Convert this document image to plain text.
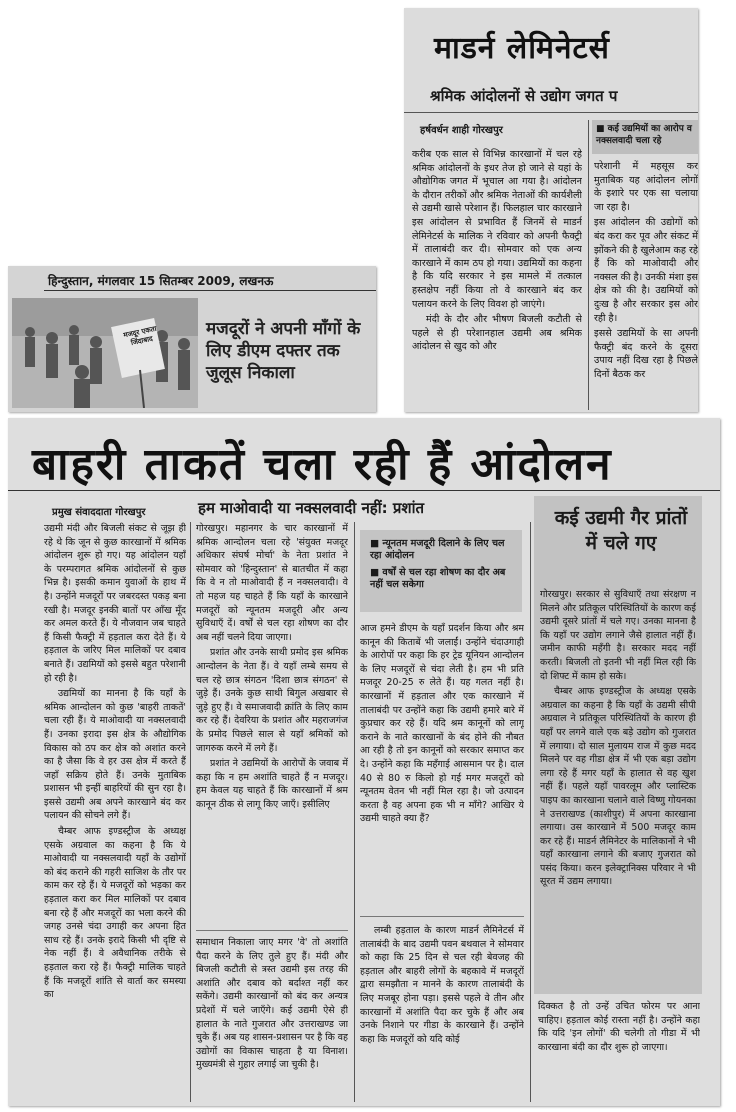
माडर्न लेमिनेटर्स
श्रमिक आंदोलनों से उद्योग जगत प
हर्षवर्धन शाही गोरखपुर

करीब एक साल से विभिन्न कारखानों में चल रहे श्रमिक आंदोलनों के इधर तेज हो जाने से यहां के औद्योगिक जगत में भूचाल आ गया है। आंदोलन के दौरान तरीकों और श्रमिक नेताओं की कार्यशैली से उद्यमी खासे परेशान हैं। फिलहाल चार कारखाने इस आंदोलन से प्रभावित हैं जिनमें से माडर्न लेमिनेटर्स के मालिक ने रविवार को अपनी फैक्ट्री में तालाबंदी कर दी। सोमवार को एक अन्य कारखाने में काम ठप हो गया। उद्यमियों का कहना है कि यदि सरकार ने इस मामले में तत्काल हस्तक्षेप नहीं किया तो वे कारखाने बंद कर पलायन करने के लिए विवश हो जाएंगे।

मंदी के दौर और भीषण बिजली कटौती से पहले से ही परेशानहाल उद्यमी अब श्रमिक आंदोलन से खुद को और

■ कई उद्यमियों का आरोप व नक्सलवादी चला रहे

परेशानी में महसूस कर मुताबिक यह आंदोलन लोगों के इशारे पर एक सा चलाया जा रहा है।

इस आंदोलन की उद्योगों को बंद करा कर पूव और संकट में झोंकने की है खुलेआम कह रहे हैं कि को माओवादी और नक्सल की है। उनकी मंशा इस क्षेत्र को की है। उद्यमियों को दुःख है और सरकार इस ओर रही है।

इससे उद्यमियों के सा अपनी फैक्ट्री बंद करने के दूसरा उपाय नहीं दिख रहा है पिछले दिनों बैठक कर

हिन्दुस्तान, मंगलवार 15 सितम्बर 2009, लखनऊ
मजदूर एकता जिंदाबाद
मजदूरों ने अपनी माँगों के लिए डीएम दफ्तर तक जुलूस निकाला
बाहरी ताकतें चला रही हैं आंदोलन
प्रमुख संवाददाता गोरखपुर	हम माओवादी या नक्सलवादी नहीं: प्रशांत

उद्यमी मंदी और बिजली संकट से जूझ ही रहे थे कि जून से कुछ कारखानों में श्रमिक आंदोलन शुरू हो गए। यह आंदोलन यहाँ के परम्परागत श्रमिक आंदोलनों से कुछ भिन्न है। इसकी कमान युवाओं के हाथ में है। उन्होंने मजदूरों पर जबरदस्त पकड़ बना रखी है। मजदूर इनकी बातों पर आँख मूँद कर अमल करते हैं। ये नौजवान जब चाहते हैं किसी फैक्ट्री में हड़ताल करा देते हैं। ये हड़ताल के जरिए मिल मालिकों पर दबाव बनाते हैं। उद्यमियों को इससे बहुत परेशानी हो रही है।

उद्यमियों का मानना है कि यहाँ के श्रमिक आन्दोलन को कुछ 'बाहरी ताकतें' चला रही हैं। ये माओवादी या नक्सलवादी हैं। उनका इरादा इस क्षेत्र के औद्योगिक विकास को ठप कर क्षेत्र को अशांत करने का है जैसा कि वे हर उस क्षेत्र में करते हैं जहाँ सक्रिय होते हैं। उनके मुताबिक प्रशासन भी इन्हीं बाहरियों की सुन रहा है। इससे उद्यमी अब अपने कारखाने बंद कर पलायन की सोचने लगे हैं।

चैम्बर आफ इण्डस्ट्रीज के अध्यक्ष एसके अग्रवाल का कहना है कि ये माओवादी या नक्सलवादी यहाँ के उद्योगों को बंद कराने की गहरी साजिश के तौर पर काम कर रहे हैं। ये मजदूरों को भड़का कर हड़ताल करा कर मिल मालिकों पर दबाव बना रहे हैं और मजदूरों का भला करने की जगह उनसे चंदा उगाही कर अपना हित साध रहे हैं। उनके इरादे किसी भी दृष्टि से नेक नहीं हैं। वे अवैधानिक तरीके से हड़ताल करा रहे हैं। फैक्ट्री मालिक चाहते हैं कि मजदूरों शांति से वार्ता कर समस्या का

गोरखपुर। महानगर के चार कारखानों में श्रमिक आन्दोलन चला रहे 'संयुक्त मजदूर अधिकार संघर्ष मोर्चा' के नेता प्रशांत ने सोमवार को 'हिन्दुस्तान' से बातचीत में कहा कि वे न तो माओवादी हैं न नक्सलवादी। वे तो महज यह चाहते हैं कि यहाँ के कारखाने मजदूरों को न्यूनतम मजदूरी और अन्य सुविधाएँ दें। वर्षों से चल रहा शोषण का दौर अब नहीं चलने दिया जाएगा।

प्रशांत और उनके साथी प्रमोद इस श्रमिक आन्दोलन के नेता हैं। वे यहाँ लम्बे समय से चल रहे छात्र संगठन 'दिशा छात्र संगठन' से जुड़े हैं। उनके कुछ साथी बिगुल अखबार से जुड़े हुए हैं। वे समाजवादी क्रांति के लिए काम कर रहे हैं। देवरिया के प्रशांत और महराजगंज के प्रमोद पिछले साल से यहाँ श्रमिकों को जागरुक करने में लगे हैं।

प्रशांत ने उद्यमियों के आरोपों के जवाब में कहा कि न हम अशांति चाहते हैं न मजदूर। हम केवल यह चाहते हैं कि कारखानों में श्रम कानून ठीक से लागू किए जाएँ। इसीलिए

समाधान निकाला जाए मगर 'वे' तो अशांति पैदा करने के लिए तुले हुए हैं। मंदी और बिजली कटौती से त्रस्त उद्यमी इस तरह की अशांति और दबाव को बर्दाश्त नहीं कर सकेंगे। उद्यमी कारखानों को बंद कर अन्यत्र प्रदेशों में चले जाएँगे। कई उद्यमी ऐसे ही हालात के नाते गुजरात और उत्तराखण्ड जा चुके हैं। अब यह शासन-प्रशासन पर है कि वह उद्योगों का विकास चाहता है या विनाश। मुख्यमंत्री से गुहार लगाई जा चुकी है।
■ न्यूनतम मजदूरी दिलाने के लिए चल रहा आंदोलन
■ वर्षों से चल रहा शोषण का दौर अब नहीं चल सकेगा

आज हमने डीएम के यहाँ प्रदर्शन किया और श्रम कानून की किताबें भी जलाईं। उन्होंने चंदाउगाही के आरोपों पर कहा कि हर ट्रेड यूनियन आन्दोलन के लिए मजदूरों से चंदा लेती है। हम भी प्रति मजदूर 20-25 रु लेते हैं। यह गलत नहीं है। कारखानों में हड़ताल और एक कारखाने में तालाबंदी पर उन्होंने कहा कि उद्यमी हमारे बारे में कुप्रचार कर रहे हैं। यदि श्रम कानूनों को लागू कराने के नाते कारखानों के बंद होने की नौबत आ रही है तो इन कानूनों को सरकार समाप्त कर दे। उन्होंने कहा कि महँगाई आसमान पर है। दाल 40 से 80 रु किलो हो गई मगर मजदूरों को न्यूनतम वेतन भी नहीं मिल रहा है। जो उत्पादन करता है वह अपना हक भी न माँगे? आखिर ये उद्यमी चाहते क्या हैं?

लम्बी हड़ताल के कारण माडर्न लैमिनेटर्स में तालाबंदी के बाद उद्यमी पवन बथवाल ने सोमवार को कहा कि 25 दिन से चल रही बेवजह की हड़ताल और बाहरी लोगों के बहकावे में मजदूरों द्वारा समझौता न मानने के कारण तालाबंदी के लिए मजबूर होना पड़ा। इससे पहले वे तीन और कारखानों में अशांति पैदा कर चुके हैं और अब उनके निशाने पर गीडा के कारखाने हैं। उन्होंने कहा कि मजदूरों को यदि कोई

कई उद्यमी गैर प्रांतों में चले गए

गोरखपुर। सरकार से सुविधाएँ तथा संरक्षण न मिलने और प्रतिकूल परिस्थितियों के कारण कई उद्यमी दूसरे प्रांतों में चले गए। उनका मानना है कि यहाँ पर उद्योग लगाने जैसे हालात नहीं हैं। जमीन काफी महँगी है। सरकार मदद नहीं करती। बिजली तो इतनी भी नहीं मिल रही कि दो शिफ्ट में काम हो सके।

चैम्बर आफ इण्डस्ट्रीज के अध्यक्ष एसके अग्रवाल का कहना है कि यहाँ के उद्यमी सीपी अग्रवाल ने प्रतिकूल परिस्थितियों के कारण ही यहाँ पर लगने वाले एक बड़े उद्योग को गुजरात में लगाया। दो साल मुलायम राज में कुछ मदद मिलने पर वह गीडा क्षेत्र में भी एक बड़ा उद्योग लगा रहे हैं मगर यहाँ के हालात से वह खुश नहीं हैं। पहले यहाँ पावरलूम और प्लास्टिक पाइप का कारखाना चलाने वाले विष्णु गोयनका ने उत्तराखण्ड (काशीपुर) में अपना कारखाना लगाया। उस कारखाने में 500 मजदूर काम कर रहे हैं। माडर्न लैमिनेटर के मालिकानों ने भी यहाँ कारखाना लगाने की बजाए गुजरात को पसंद किया। करन इलेक्ट्रानिक्स परिवार ने भी सूरत में उद्यम लगाया।

दिक्कत है तो उन्हें उचित फोरम पर आना चाहिए। हड़ताल कोई रास्ता नहीं है। उन्होंने कहा कि यदि 'इन लोगों' की चलेगी तो गीडा में भी कारखाना बंदी का दौर शुरू हो जाएगा।
